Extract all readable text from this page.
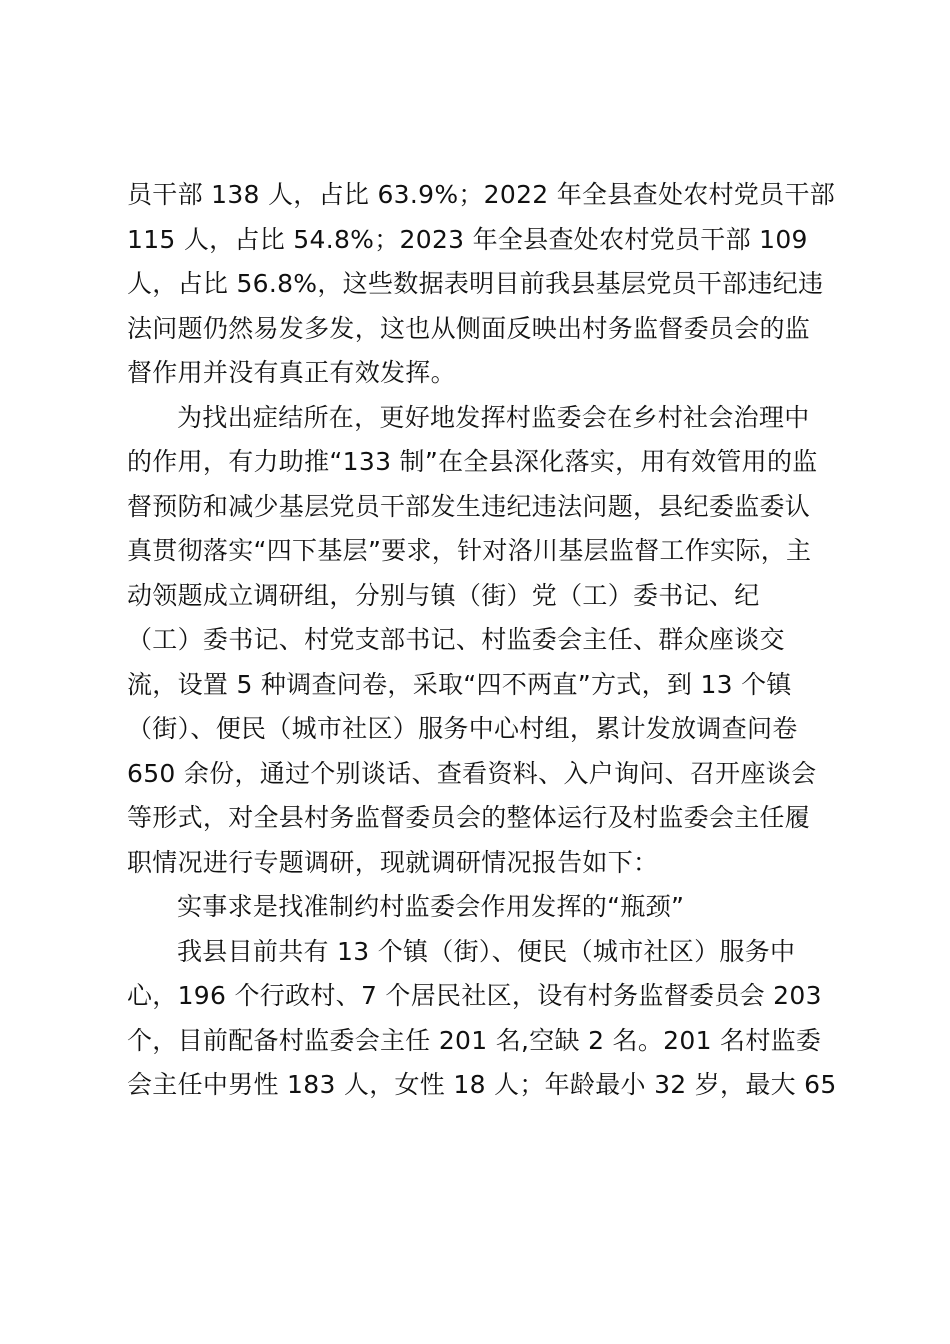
员干部 138 人，占比 63.9%；2022 年全县查处农村党员干部
115 人，占比 54.8%；2023 年全县查处农村党员干部 109
人，占比 56.8%，这些数据表明目前我县基层党员干部违纪违
法问题仍然易发多发，这也从侧面反映出村务监督委员会的监
督作用并没有真正有效发挥。
为找出症结所在，更好地发挥村监委会在乡村社会治理中
的作用，有力助推“133 制”在全县深化落实，用有效管用的监
督预防和减少基层党员干部发生违纪违法问题，县纪委监委认
真贯彻落实“四下基层”要求，针对洛川基层监督工作实际，主
动领题成立调研组，分别与镇（街）党（工）委书记、纪
（工）委书记、村党支部书记、村监委会主任、群众座谈交
流，设置 5 种调查问卷，采取“四不两直”方式，到 13 个镇
（街）、便民（城市社区）服务中心村组，累计发放调查问卷
650 余份，通过个别谈话、查看资料、入户询问、召开座谈会
等形式，对全县村务监督委员会的整体运行及村监委会主任履
职情况进行专题调研，现就调研情况报告如下：
实事求是找准制约村监委会作用发挥的“瓶颈”
我县目前共有 13 个镇（街）、便民（城市社区）服务中
心，196 个行政村、7 个居民社区，设有村务监督委员会 203
个，目前配备村监委会主任 201 名,空缺 2 名。201 名村监委
会主任中男性 183 人，女性 18 人；年龄最小 32 岁，最大 65
